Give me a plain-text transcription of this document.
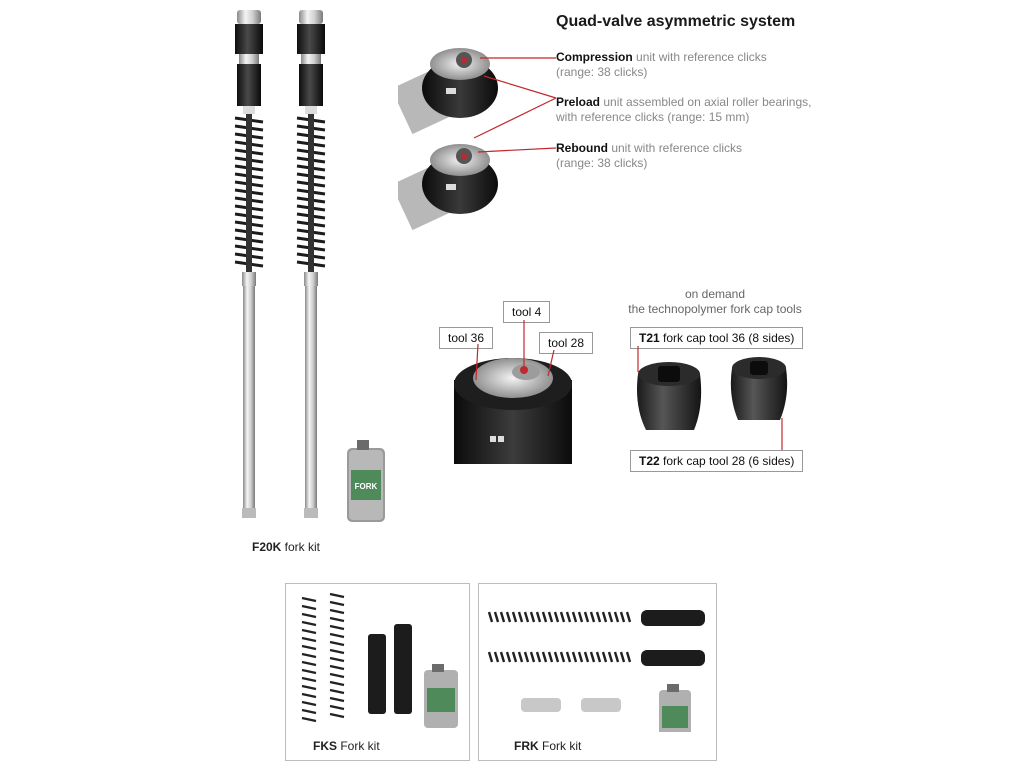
FORK
F20K fork kit
Quad-valve asymmetric system
Compression unit with reference clicks
(range: 38 clicks)
Preload unit assembled on axial roller bearings,
with reference clicks (range: 15 mm)
Rebound unit with reference clicks
(range: 38 clicks)
tool 4
tool 36	tool 28
on demand
the technopolymer fork cap tools
T21 fork cap tool 36 (8 sides)
T22 fork cap tool 28 (6 sides)
FKS Fork kit	FRK Fork kit
